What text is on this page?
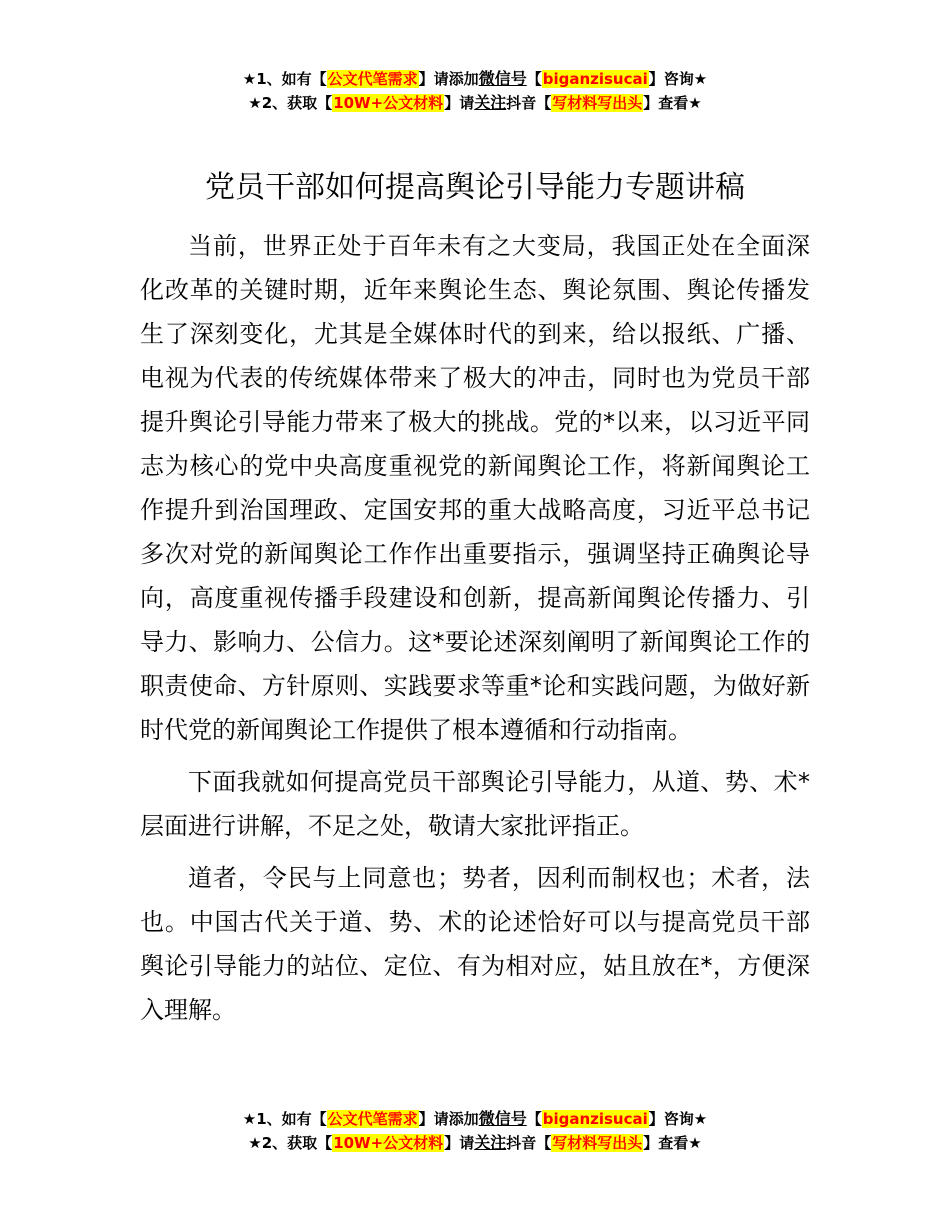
★1、如有【公文代笔需求】请添加微信号【biganzisucai】咨询★
★2、获取【10W+公文材料】请关注抖音【写材料写出头】查看★
党员干部如何提高舆论引导能力专题讲稿

当前，世界正处于百年未有之大变局，我国正处在全面深化改革的关键时期，近年来舆论生态、舆论氛围、舆论传播发生了深刻变化，尤其是全媒体时代的到来，给以报纸、广播、电视为代表的传统媒体带来了极大的冲击，同时也为党员干部提升舆论引导能力带来了极大的挑战。党的*以来，以习近平同志为核心的党中央高度重视党的新闻舆论工作，将新闻舆论工作提升到治国理政、定国安邦的重大战略高度，习近平总书记多次对党的新闻舆论工作作出重要指示，强调坚持正确舆论导向，高度重视传播手段建设和创新，提高新闻舆论传播力、引导力、影响力、公信力。这*要论述深刻阐明了新闻舆论工作的职责使命、方针原则、实践要求等重*论和实践问题，为做好新时代党的新闻舆论工作提供了根本遵循和行动指南。

下面我就如何提高党员干部舆论引导能力，从道、势、术*层面进行讲解，不足之处，敬请大家批评指正。

道者，令民与上同意也；势者，因利而制权也；术者，法也。中国古代关于道、势、术的论述恰好可以与提高党员干部舆论引导能力的站位、定位、有为相对应，姑且放在*，方便深入理解。

★1、如有【公文代笔需求】请添加微信号【biganzisucai】咨询★
★2、获取【10W+公文材料】请关注抖音【写材料写出头】查看★
